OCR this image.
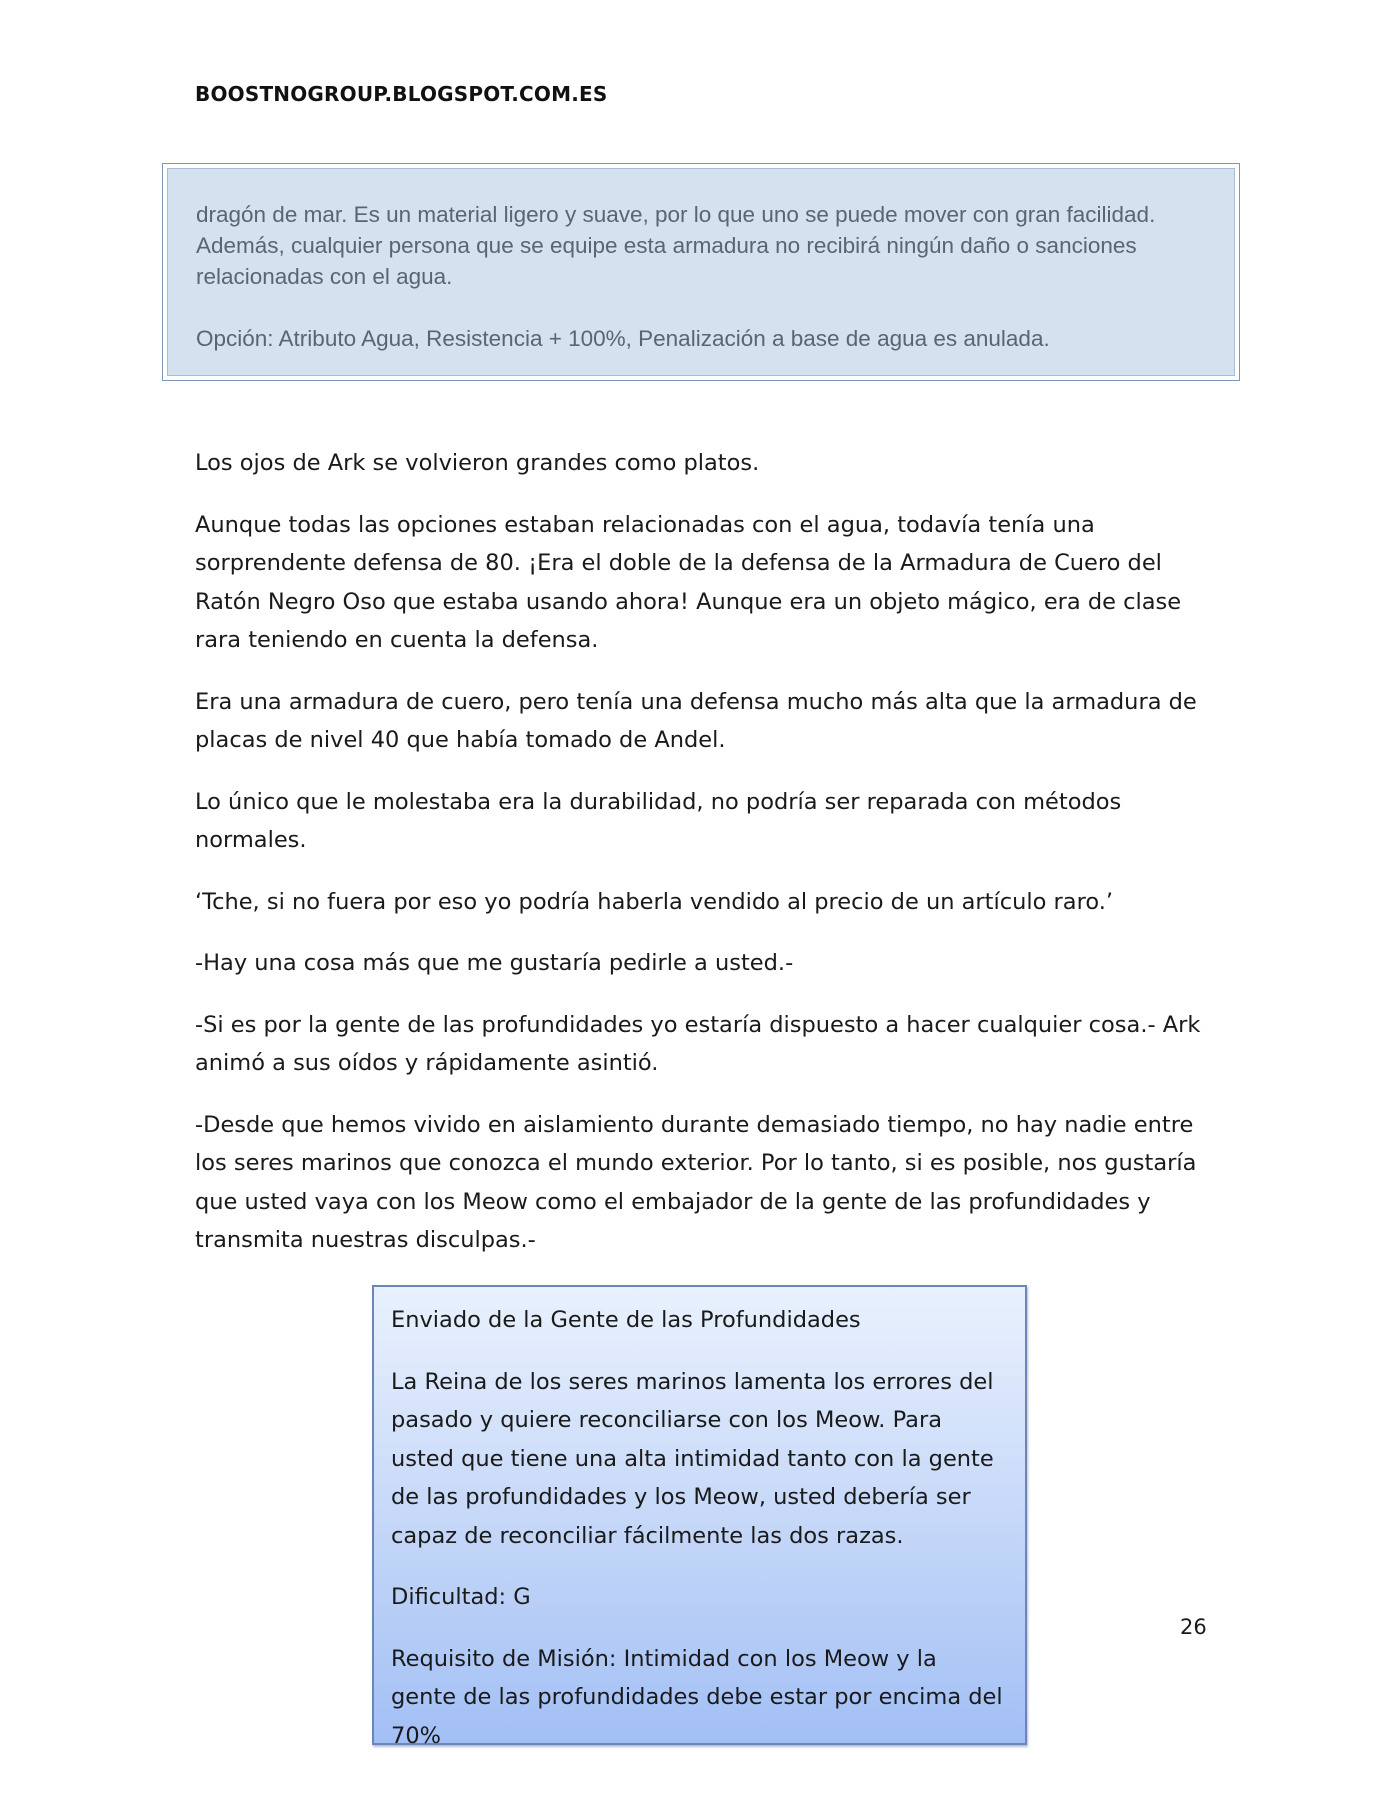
BOOSTNOGROUP.BLOGSPOT.COM.ES

dragón de mar. Es un material ligero y suave, por lo que uno se puede mover con gran facilidad. Además, cualquier persona que se equipe esta armadura no recibirá ningún daño o sanciones relacionadas con el agua.

Opción: Atributo Agua, Resistencia + 100%, Penalización a base de agua es anulada.

Los ojos de Ark se volvieron grandes como platos.

Aunque todas las opciones estaban relacionadas con el agua, todavía tenía una sorprendente defensa de 80. ¡Era el doble de la defensa de la Armadura de Cuero del Ratón Negro Oso que estaba usando ahora! Aunque era un objeto mágico, era de clase rara teniendo en cuenta la defensa.

Era una armadura de cuero, pero tenía una defensa mucho más alta que la armadura de placas de nivel 40 que había tomado de Andel.

Lo único que le molestaba era la durabilidad, no podría ser reparada con métodos normales.

‘Tche, si no fuera por eso yo podría haberla vendido al precio de un artículo raro.’

-Hay una cosa más que me gustaría pedirle a usted.-

-Si es por la gente de las profundidades yo estaría dispuesto a hacer cualquier cosa.- Ark animó a sus oídos y rápidamente asintió.

-Desde que hemos vivido en aislamiento durante demasiado tiempo, no hay nadie entre los seres marinos que conozca el mundo exterior. Por lo tanto, si es posible, nos gustaría que usted vaya con los Meow como el embajador de la gente de las profundidades y transmita nuestras disculpas.-

Enviado de la Gente de las Profundidades

La Reina de los seres marinos lamenta los errores del pasado y quiere reconciliarse con los Meow. Para usted que tiene una alta intimidad tanto con la gente de las profundidades y los Meow, usted debería ser capaz de reconciliar fácilmente las dos razas.

Dificultad: G

Requisito de Misión: Intimidad con los Meow y la gente de las profundidades debe estar por encima del 70%

26
